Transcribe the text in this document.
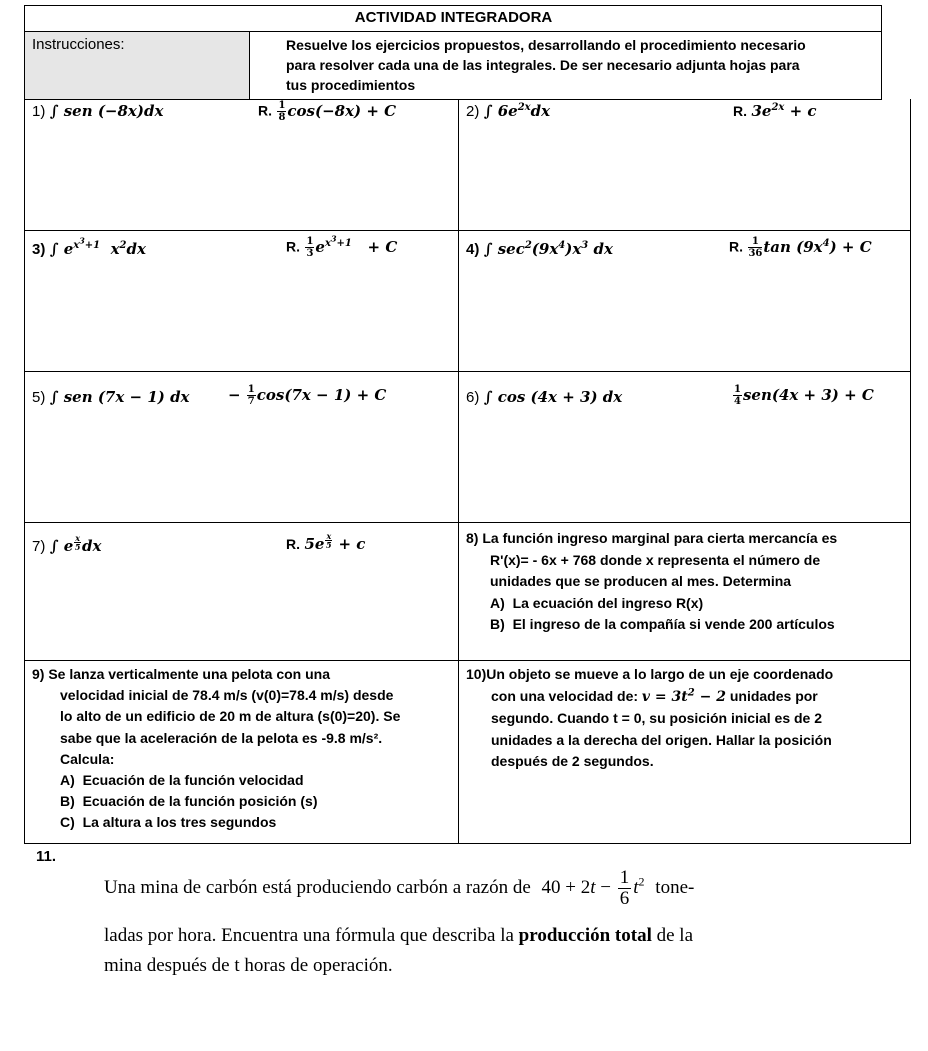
ACTIVIDAD INTEGRADORA
Instrucciones:	Resuelve los ejercicios propuestos, desarrollando el procedimiento necesario
para resolver cada una de las integrales. De ser necesario adjunta hojas para
tus procedimientos
1) ∫ sen (−8x)dx	R. $\frac{1}{8} \cos(-8x) + C$	2) ∫ $6e^{2x}dx$	R. $3e^{2x} + c$
3) ∫ $e^{x^3+1}$  $x^2dx$	R. $\frac{1}{3} e^{x^3+1} + C$	4) ∫ $\sec^2(9x^4)x^3$ dx	R. $\frac{1}{36}$ $\tan (9x^4) + C$
5) ∫ sen (7x − 1) dx	− $\frac{1}{7} \cos(7x - 1) + C$	6) ∫ cos (4x + 3) dx	$\frac{1}{4} sen(4x + 3) + C$
7) ∫ e $^{\frac{x}{5}}$ dx	R. 5e $^{\frac{x}{5}}$ + c	8) La función ingreso marginal para cierta mercancía es
R'(x)= - 6x + 768 donde x representa el número de
unidades que se producen al mes. Determina
A) La ecuación del ingreso R(x)
B) El ingreso de la compañía si vende 200 artículos
9) Se lanza verticalmente una pelota con una
velocidad inicial de 78.4 m/s (v(0)=78.4 m/s) desde
lo alto de un edificio de 20 m de altura (s(0)=20). Se
sabe que la aceleración de la pelota es -9.8 m/s².
Calcula:
A) Ecuación de la función velocidad
B) Ecuación de la función posición (s)
C) La altura a los tres segundos
10)Un objeto se mueve a lo largo de un eje coordenado
con una velocidad de: $v = 3t^2 - 2$ unidades por
segundo. Cuando t = 0, su posición inicial es de 2
unidades a la derecha del origen. Hallar la posición
después de 2 segundos.
11.
Una mina de carbón está produciendo carbón a razón de $40 + 2t - \frac{1}{6} t^2$ tone-
ladas por hora. Encuentra una fórmula que describa la producción total de la
mina después de t horas de operación.
